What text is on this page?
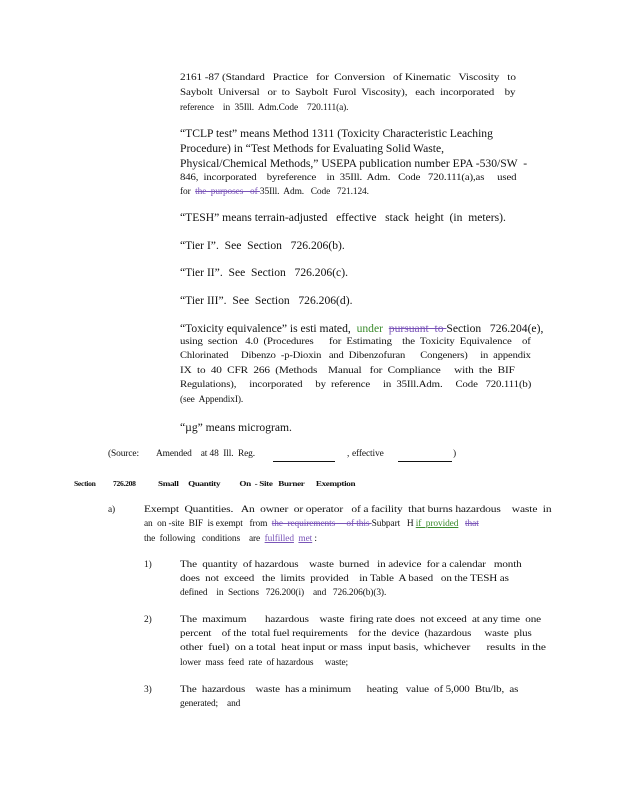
2161 -87 (Standard   Practice   for  Conversion   of Kinematic   Viscosity   to
Saybolt  Universal   or  to  Saybolt  Furol  Viscosity),   each  incorporated    by
reference    in  35Ill.  Adm.Code    720.111(a).
“TCLP test” means Method 1311 (Toxicity Characteristic Leaching
Procedure) in “Test Methods for Evaluating Solid Waste,
Physical/Chemical Methods,” USEPA publication number EPA -530/SW  -
846,  incorporated    byreference    in  35Ill.  Adm.   Code   720.111(a),as     used
for  the  purposes   of 35Ill.  Adm.   Code   721.124.
“TESH” means terrain-adjusted   effective   stack  height  (in  meters).
“Tier I”.  See  Section   726.206(b).
“Tier II”.  See  Section   726.206(c).
“Tier III”.  See  Section   726.206(d).
“Toxicity equivalence” is esti mated,  under pursuant  to Section   726.204(e),
using  section   4.0  (Procedures      for  Estimating    the  Toxicity  Equivalence    of
Chlorinated     Dibenzo  -p-Dioxin   and  Dibenzofuran      Congeners)     in  appendix
IX  to  40  CFR  266  (Methods    Manual   for  Compliance     with  the  BIF
Regulations),     incorporated     by  reference     in  35Ill.Adm.     Code   720.111(b)
(see  AppendixI).
“µg” means microgram.
(Source: Amended    at 48  Ill.  Reg.	, effective	)
Section 726.208	Small     Quantity          On  - Site   Burner      Exemption
a)	Exempt  Quantities.   An  owner  or operator   of a facility  that burns hazardous    waste  in
an  on -site  BIF  is exempt   from  the  requirements     of this Subpart   H if  provided that
the  following   conditions    are  fulfilled met :
1)	The  quantity  of hazardous    waste  burned   in adevice  for a calendar   month
does  not  exceed   the  limits  provided    in Table  A based   on the TESH as
defined    in  Sections   726.200(i)    and   726.206(b)(3).
2)	The  maximum       hazardous    waste  firing rate does  not exceed  at any time  one
percent    of the  total fuel requirements    for the  device  (hazardous     waste  plus
other  fuel)  on a total  heat input or mass  input basis,  whichever      results  in the
lower  mass  feed  rate  of hazardous     waste;
3)	The  hazardous    waste  has a minimum      heating   value  of 5,000  Btu/lb,  as
generated;    and
